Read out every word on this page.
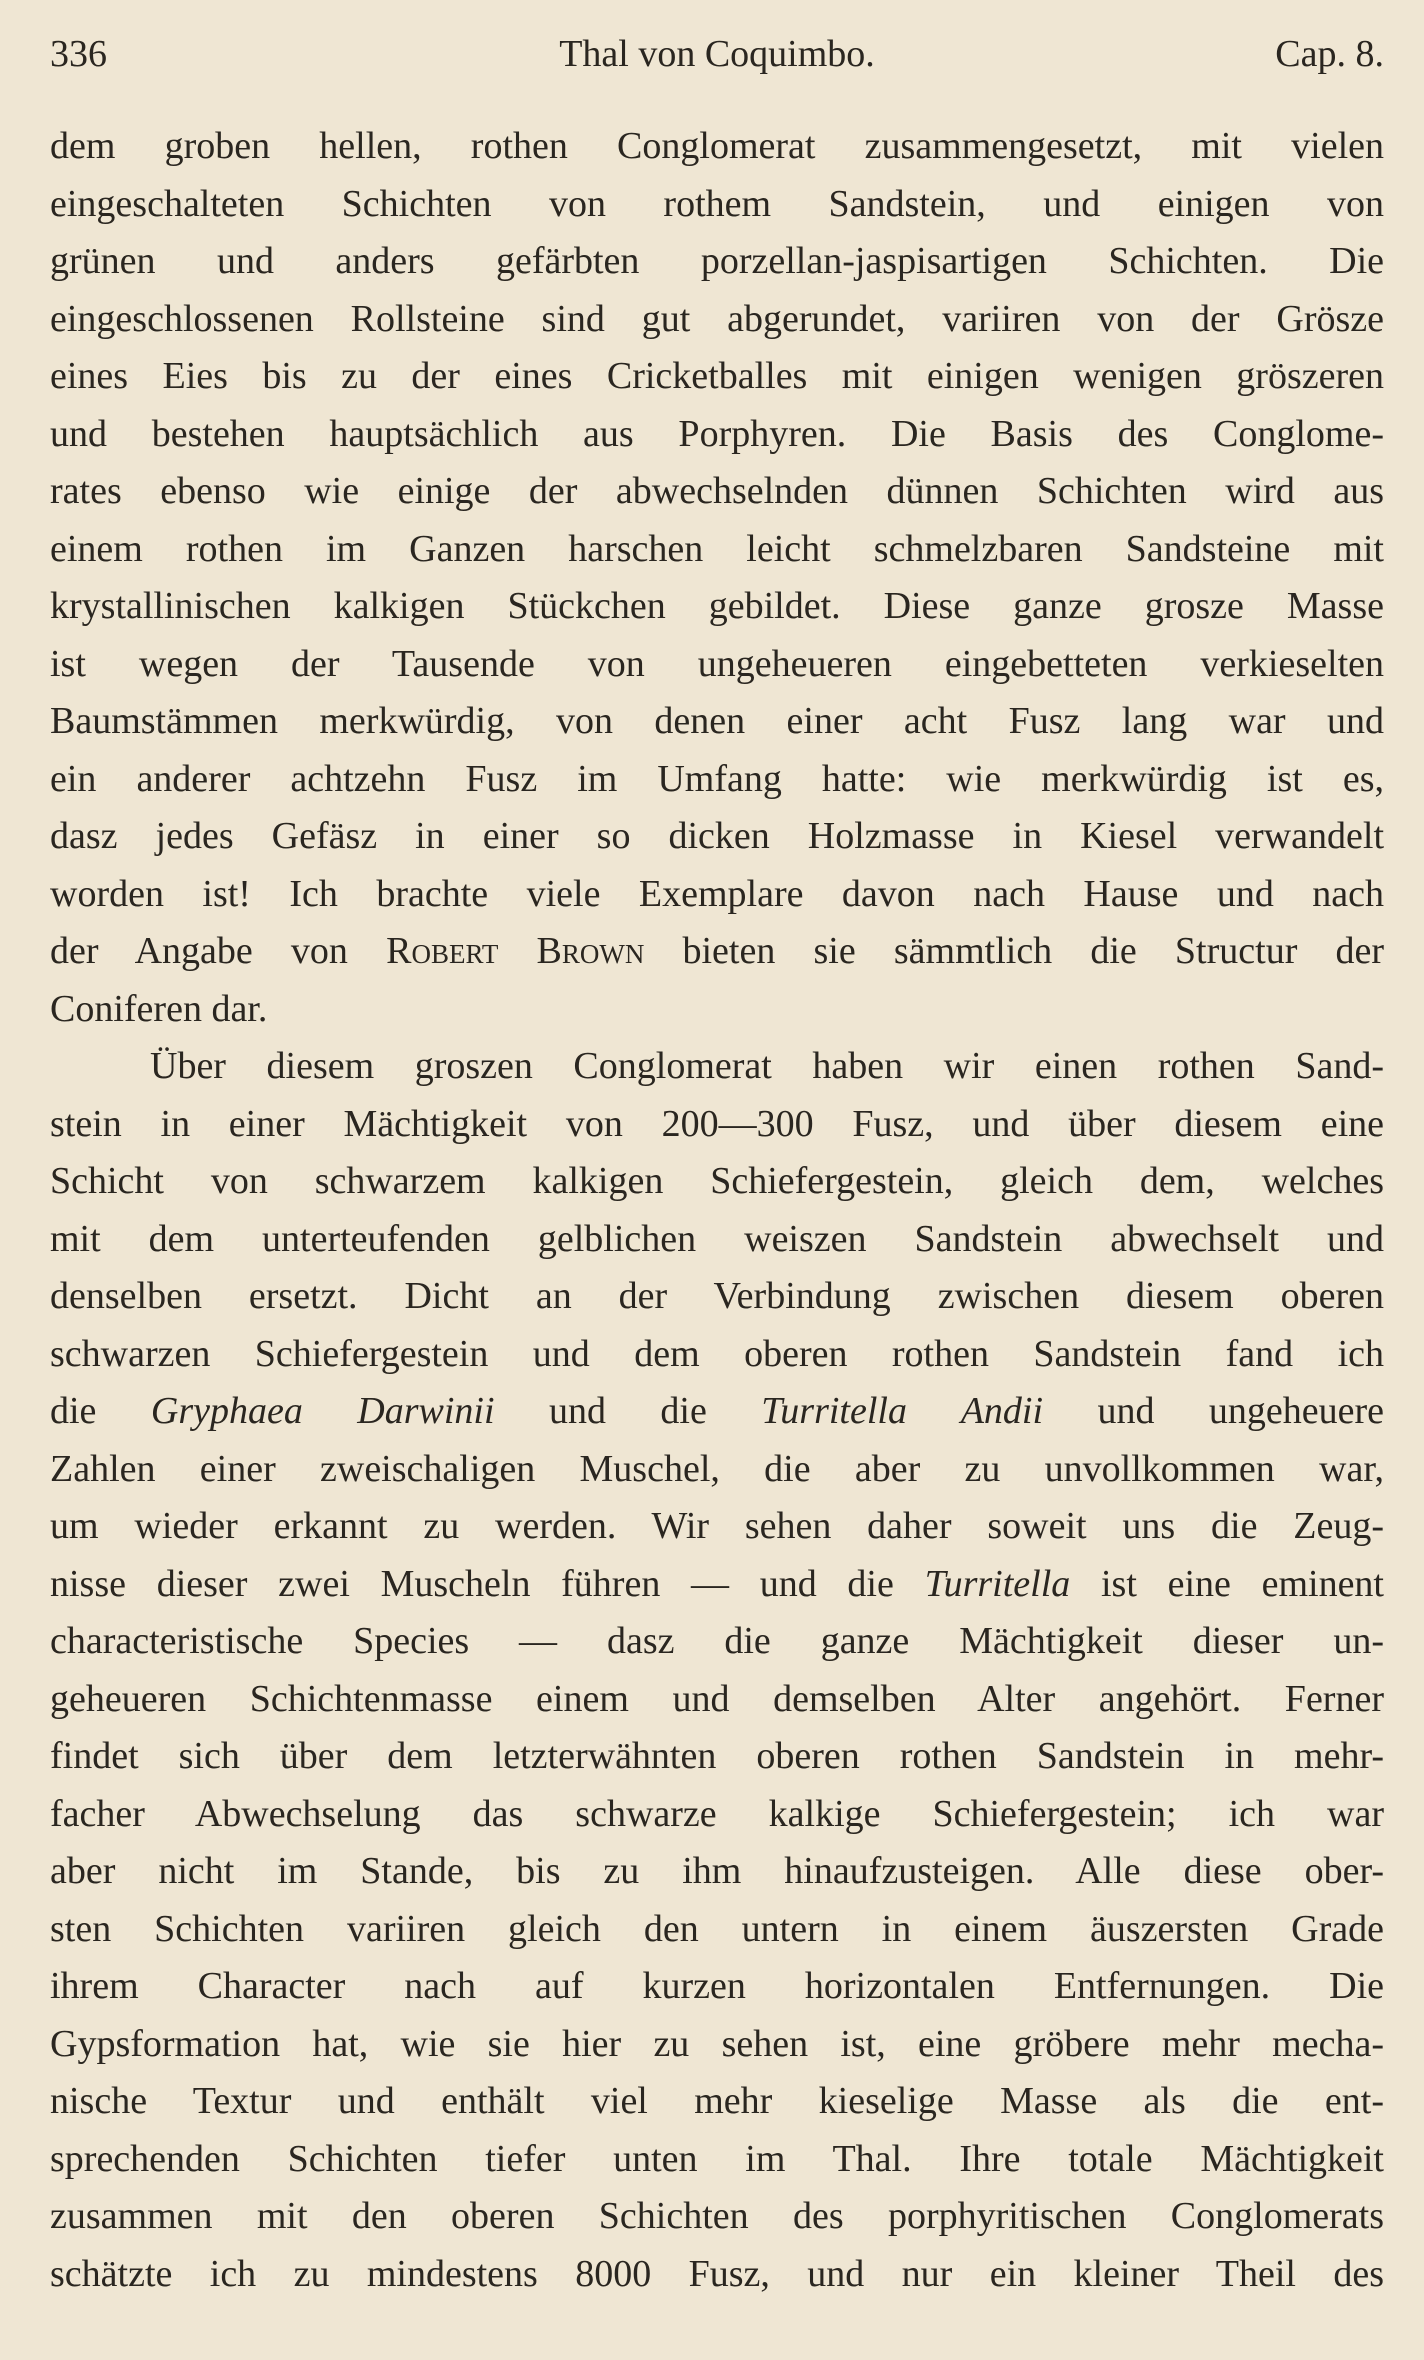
336	Thal von Coquimbo.	Cap. 8.
dem groben hellen, rothen Conglomerat zusammengesetzt, mit vielen
eingeschalteten Schichten von rothem Sandstein, und einigen von
grünen und anders gefärbten porzellan-jaspisartigen Schichten. Die
eingeschlossenen Rollsteine sind gut abgerundet, variiren von der Grösze
eines Eies bis zu der eines Cricketballes mit einigen wenigen gröszeren
und bestehen hauptsächlich aus Porphyren. Die Basis des Conglome-
rates ebenso wie einige der abwechselnden dünnen Schichten wird aus
einem rothen im Ganzen harschen leicht schmelzbaren Sandsteine mit
krystallinischen kalkigen Stückchen gebildet. Diese ganze grosze Masse
ist wegen der Tausende von ungeheueren eingebetteten verkieselten
Baumstämmen merkwürdig, von denen einer acht Fusz lang war und
ein anderer achtzehn Fusz im Umfang hatte: wie merkwürdig ist es,
dasz jedes Gefäsz in einer so dicken Holzmasse in Kiesel verwandelt
worden ist! Ich brachte viele Exemplare davon nach Hause und nach
der Angabe von Robert Brown bieten sie sämmtlich die Structur der
Coniferen dar.
Über diesem groszen Conglomerat haben wir einen rothen Sand-
stein in einer Mächtigkeit von 200—300 Fusz, und über diesem eine
Schicht von schwarzem kalkigen Schiefergestein, gleich dem, welches
mit dem unterteufenden gelblichen weiszen Sandstein abwechselt und
denselben ersetzt. Dicht an der Verbindung zwischen diesem oberen
schwarzen Schiefergestein und dem oberen rothen Sandstein fand ich
die Gryphaea Darwinii und die Turritella Andii und ungeheuere
Zahlen einer zweischaligen Muschel, die aber zu unvollkommen war,
um wieder erkannt zu werden. Wir sehen daher soweit uns die Zeug-
nisse dieser zwei Muscheln führen — und die Turritella ist eine eminent
characteristische Species — dasz die ganze Mächtigkeit dieser un-
geheueren Schichtenmasse einem und demselben Alter angehört. Ferner
findet sich über dem letzterwähnten oberen rothen Sandstein in mehr-
facher Abwechselung das schwarze kalkige Schiefergestein; ich war
aber nicht im Stande, bis zu ihm hinaufzusteigen. Alle diese ober-
sten Schichten variiren gleich den untern in einem äuszersten Grade
ihrem Character nach auf kurzen horizontalen Entfernungen. Die
Gypsformation hat, wie sie hier zu sehen ist, eine gröbere mehr mecha-
nische Textur und enthält viel mehr kieselige Masse als die ent-
sprechenden Schichten tiefer unten im Thal. Ihre totale Mächtigkeit
zusammen mit den oberen Schichten des porphyritischen Conglomerats
schätzte ich zu mindestens 8000 Fusz, und nur ein kleiner Theil des
